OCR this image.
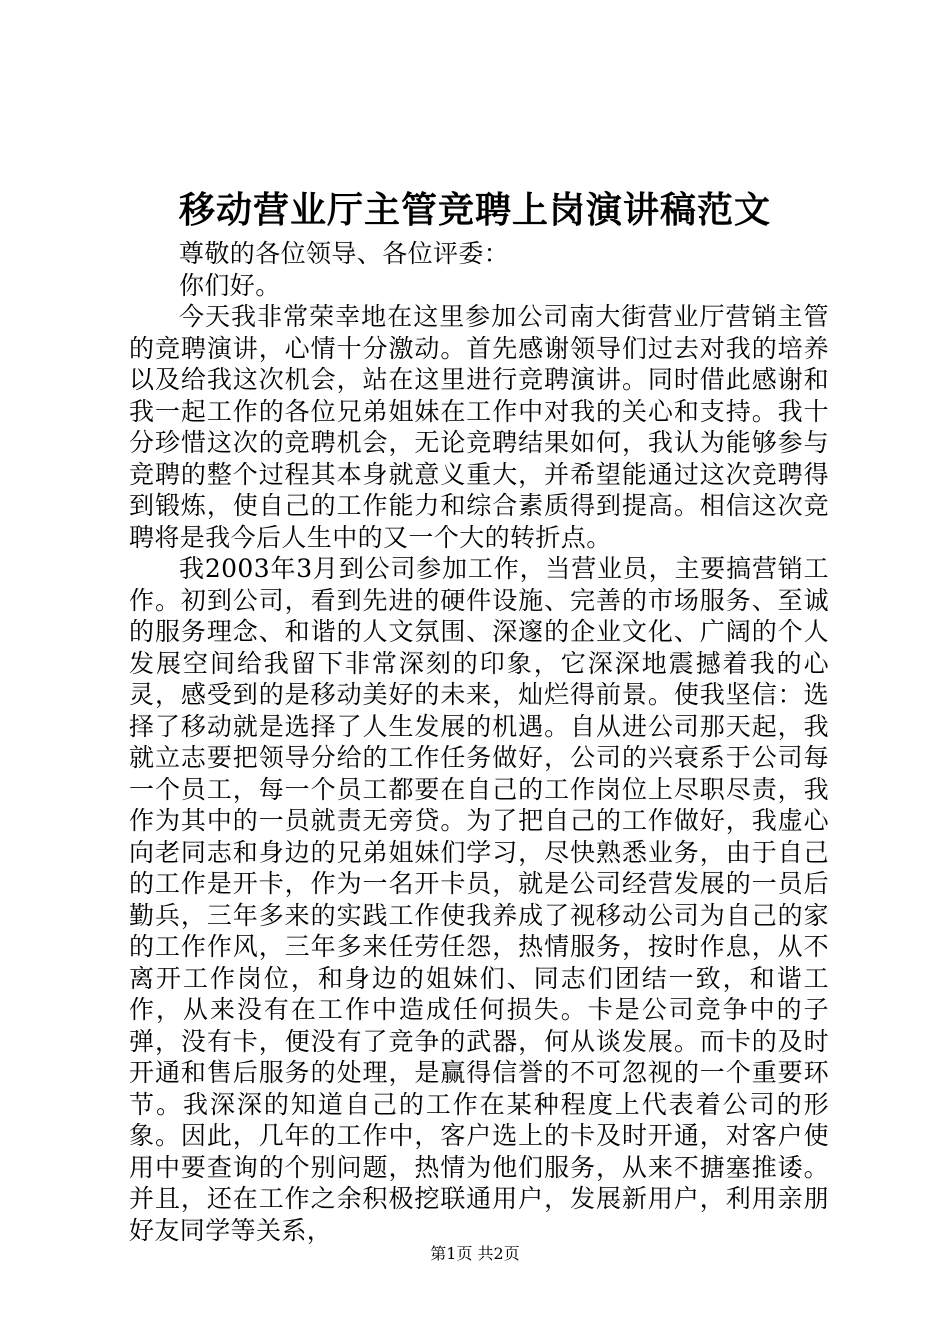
移动营业厅主管竞聘上岗演讲稿范文

尊敬的各位领导、各位评委：

你们好。

今天我非常荣幸地在这里参加公司南大街营业厅营销主管的竞聘演讲，心情十分激动。首先感谢领导们过去对我的培养以及给我这次机会，站在这里进行竞聘演讲。同时借此感谢和我一起工作的各位兄弟姐妹在工作中对我的关心和支持。我十分珍惜这次的竞聘机会，无论竞聘结果如何，我认为能够参与竞聘的整个过程其本身就意义重大，并希望能通过这次竞聘得到锻炼，使自己的工作能力和综合素质得到提高。相信这次竞聘将是我今后人生中的又一个大的转折点。

我2003年3月到公司参加工作，当营业员，主要搞营销工作。初到公司，看到先进的硬件设施、完善的市场服务、至诚的服务理念、和谐的人文氛围、深邃的企业文化、广阔的个人发展空间给我留下非常深刻的印象，它深深地震撼着我的心灵，感受到的是移动美好的未来，灿烂得前景。使我坚信：选择了移动就是选择了人生发展的机遇。自从进公司那天起，我就立志要把领导分给的工作任务做好，公司的兴衰系于公司每一个员工，每一个员工都要在自己的工作岗位上尽职尽责，我作为其中的一员就责无旁贷。为了把自己的工作做好，我虚心向老同志和身边的兄弟姐妹们学习，尽快熟悉业务，由于自己的工作是开卡，作为一名开卡员，就是公司经营发展的一员后勤兵，三年多来的实践工作使我养成了视移动公司为自己的家的工作作风，三年多来任劳任怨，热情服务，按时作息，从不离开工作岗位，和身边的姐妹们、同志们团结一致，和谐工作，从来没有在工作中造成任何损失。卡是公司竞争中的子弹，没有卡，便没有了竞争的武器，何从谈发展。而卡的及时开通和售后服务的处理，是赢得信誉的不可忽视的一个重要环节。我深深的知道自己的工作在某种程度上代表着公司的形象。因此，几年的工作中，客户选上的卡及时开通，对客户使用中要查询的个别问题，热情为他们服务，从来不搪塞推诿。并且，还在工作之余积极挖联通用户，发展新用户，利用亲朋好友同学等关系，

第1页 共2页
